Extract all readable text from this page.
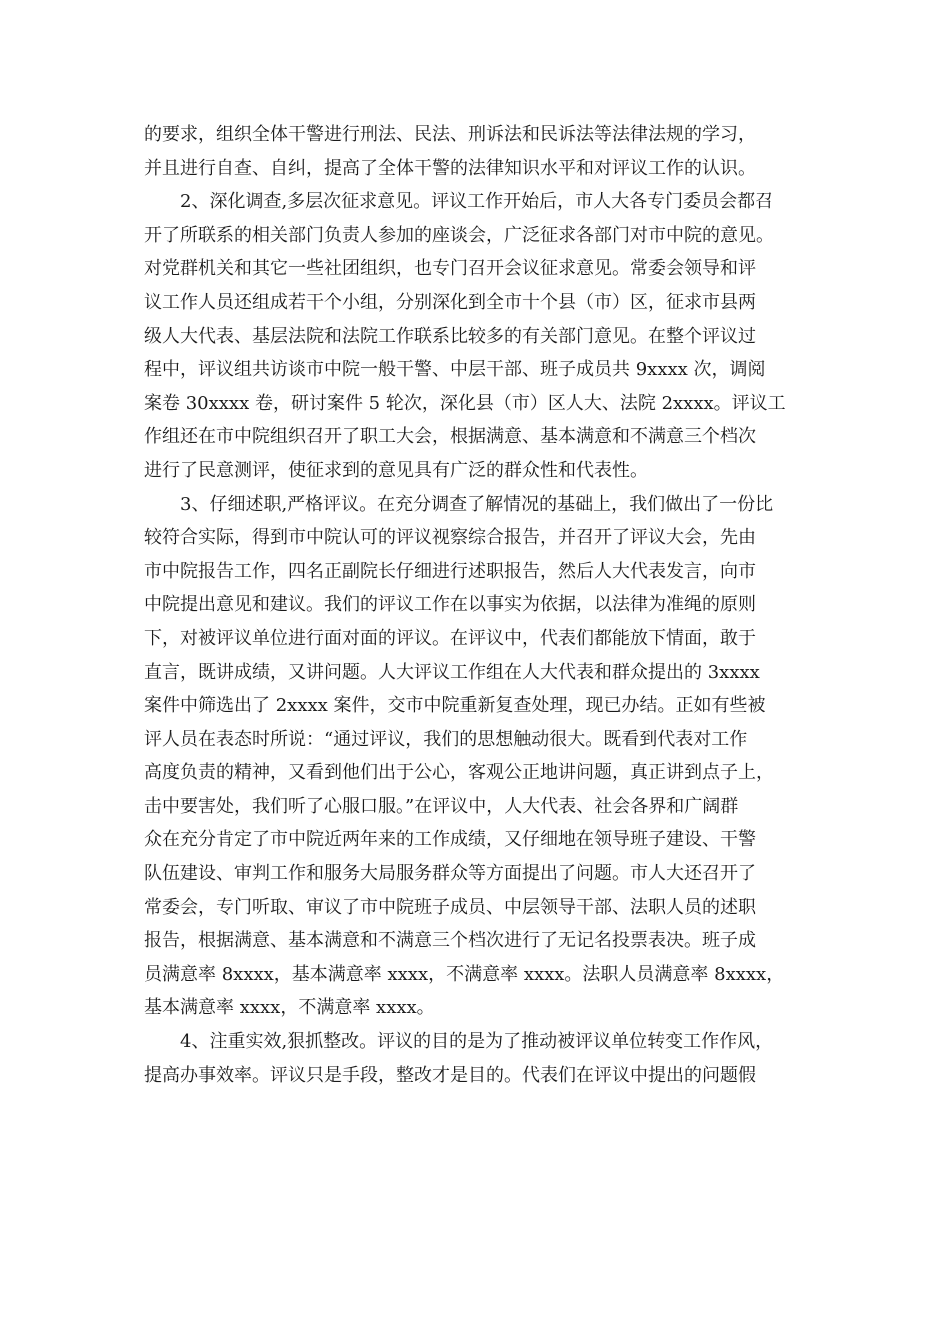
的要求，组织全体干警进行刑法、民法、刑诉法和民诉法等法律法规的学习，
并且进行自查、自纠，提高了全体干警的法律知识水平和对评议工作的认识。
2、深化调查,多层次征求意见。评议工作开始后，市人大各专门委员会都召
开了所联系的相关部门负责人参加的座谈会，广泛征求各部门对市中院的意见。
对党群机关和其它一些社团组织，也专门召开会议征求意见。常委会领导和评
议工作人员还组成若干个小组，分别深化到全市十个县（市）区，征求市县两
级人大代表、基层法院和法院工作联系比较多的有关部门意见。在整个评议过
程中，评议组共访谈市中院一般干警、中层干部、班子成员共 9xxxx 次，调阅
案卷 30xxxx 卷，研讨案件 5 轮次，深化县（市）区人大、法院 2xxxx。评议工
作组还在市中院组织召开了职工大会，根据满意、基本满意和不满意三个档次
进行了民意测评，使征求到的意见具有广泛的群众性和代表性。
3、仔细述职,严格评议。在充分调查了解情况的基础上，我们做出了一份比
较符合实际，得到市中院认可的评议视察综合报告，并召开了评议大会，先由
市中院报告工作，四名正副院长仔细进行述职报告，然后人大代表发言，向市
中院提出意见和建议。我们的评议工作在以事实为依据，以法律为准绳的原则
下，对被评议单位进行面对面的评议。在评议中，代表们都能放下情面，敢于
直言，既讲成绩，又讲问题。人大评议工作组在人大代表和群众提出的 3xxxx
案件中筛选出了 2xxxx 案件，交市中院重新复查处理，现已办结。正如有些被
评人员在表态时所说：“通过评议，我们的思想触动很大。既看到代表对工作
高度负责的精神，又看到他们出于公心，客观公正地讲问题，真正讲到点子上，
击中要害处，我们听了心服口服。”在评议中，人大代表、社会各界和广阔群
众在充分肯定了市中院近两年来的工作成绩，又仔细地在领导班子建设、干警
队伍建设、审判工作和服务大局服务群众等方面提出了问题。市人大还召开了
常委会，专门听取、审议了市中院班子成员、中层领导干部、法职人员的述职
报告，根据满意、基本满意和不满意三个档次进行了无记名投票表决。班子成
员满意率 8xxxx，基本满意率 xxxx，不满意率 xxxx。法职人员满意率 8xxxx，
基本满意率 xxxx，不满意率 xxxx。
4、注重实效,狠抓整改。评议的目的是为了推动被评议单位转变工作作风，
提高办事效率。评议只是手段，整改才是目的。代表们在评议中提出的问题假
